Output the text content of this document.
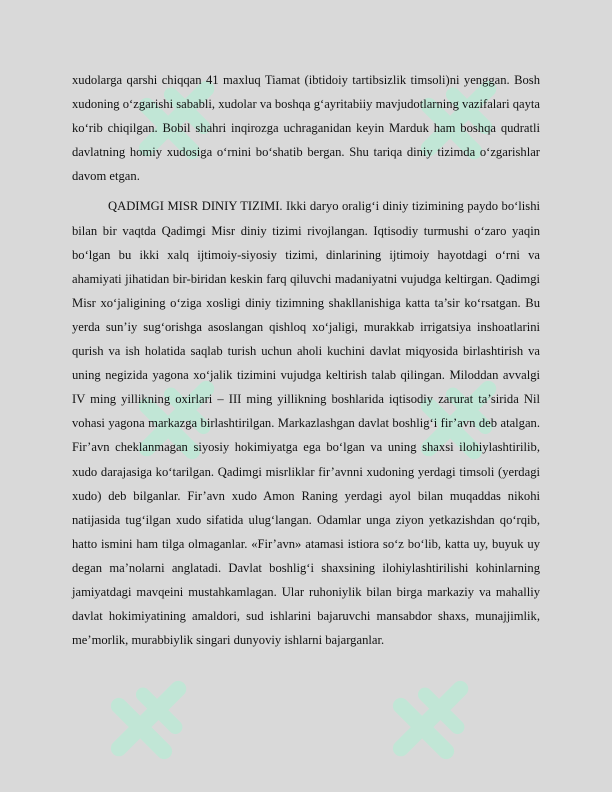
xudolarga qarshi chiqqan 41 maxluq Tiamat (ibtidoiy tartibsizlik timsoli)ni yenggan. Bosh xudoning o‘zgarishi sababli, xudolar va boshqa g‘ayritabiiy mavjudotlarning vazifalari qayta ko‘rib chiqilgan. Bobil shahri inqirozga uchraganidan keyin Marduk ham boshqa qudratli davlatning homiy xudosiga o‘rnini bo‘shatib bergan. Shu tariqa diniy tizimda o‘zgarishlar davom etgan.

QADIMGI MISR DINIY TIZIMI. Ikki daryo oralig‘i diniy tizimining paydo bo‘lishi bilan bir vaqtda Qadimgi Misr diniy tizimi rivojlangan. Iqtisodiy turmushi o‘zaro yaqin bo‘lgan bu ikki xalq ijtimoiy-siyosiy tizimi, dinlarining ijtimoiy hayotdagi o‘rni va ahamiyati jihatidan bir-biridan keskin farq qiluvchi madaniyatni vujudga keltirgan. Qadimgi Misr xo‘jaligining o‘ziga xosligi diniy tizimning shakllanishiga katta ta’sir ko‘rsatgan. Bu yerda sun’iy sug‘orishga asoslangan qishloq xo‘jaligi, murakkab irrigatsiya inshoatlarini qurish va ish holatida saqlab turish uchun aholi kuchini davlat miqyosida birlashtirish va uning negizida yagona xo‘jalik tizimini vujudga keltirish talab qilingan. Miloddan avvalgi IV ming yillikning oxirlari – III ming yillikning boshlarida iqtisodiy zarurat ta’sirida Nil vohasi yagona markazga birlashtirilgan. Markazlashgan davlat boshlig‘i fir’avn deb atalgan. Fir’avn cheklanmagan siyosiy hokimiyatga ega bo‘lgan va uning shaxsi ilohiylashtirilib, xudo darajasiga ko‘tarilgan. Qadimgi misrliklar fir’avnni xudoning yerdagi timsoli (yerdagi xudo) deb bilganlar. Fir’avn xudo Amon Raning yerdagi ayol bilan muqaddas nikohi natijasida tug‘ilgan xudo sifatida ulug‘langan. Odamlar unga ziyon yetkazishdan qo‘rqib, hatto ismini ham tilga olmaganlar. «Fir’avn» atamasi istiora so‘z bo‘lib, katta uy, buyuk uy degan ma’nolarni anglatadi. Davlat boshlig‘i shaxsining ilohiylashtirilishi kohinlarning jamiyatdagi mavqeini mustahkamlagan. Ular ruhoniylik bilan birga markaziy va mahalliy davlat hokimiyatining amaldori, sud ishlarini bajaruvchi mansabdor shaxs, munajjimlik, me’morlik, murabbiylik singari dunyoviy ishlarni bajarganlar.
